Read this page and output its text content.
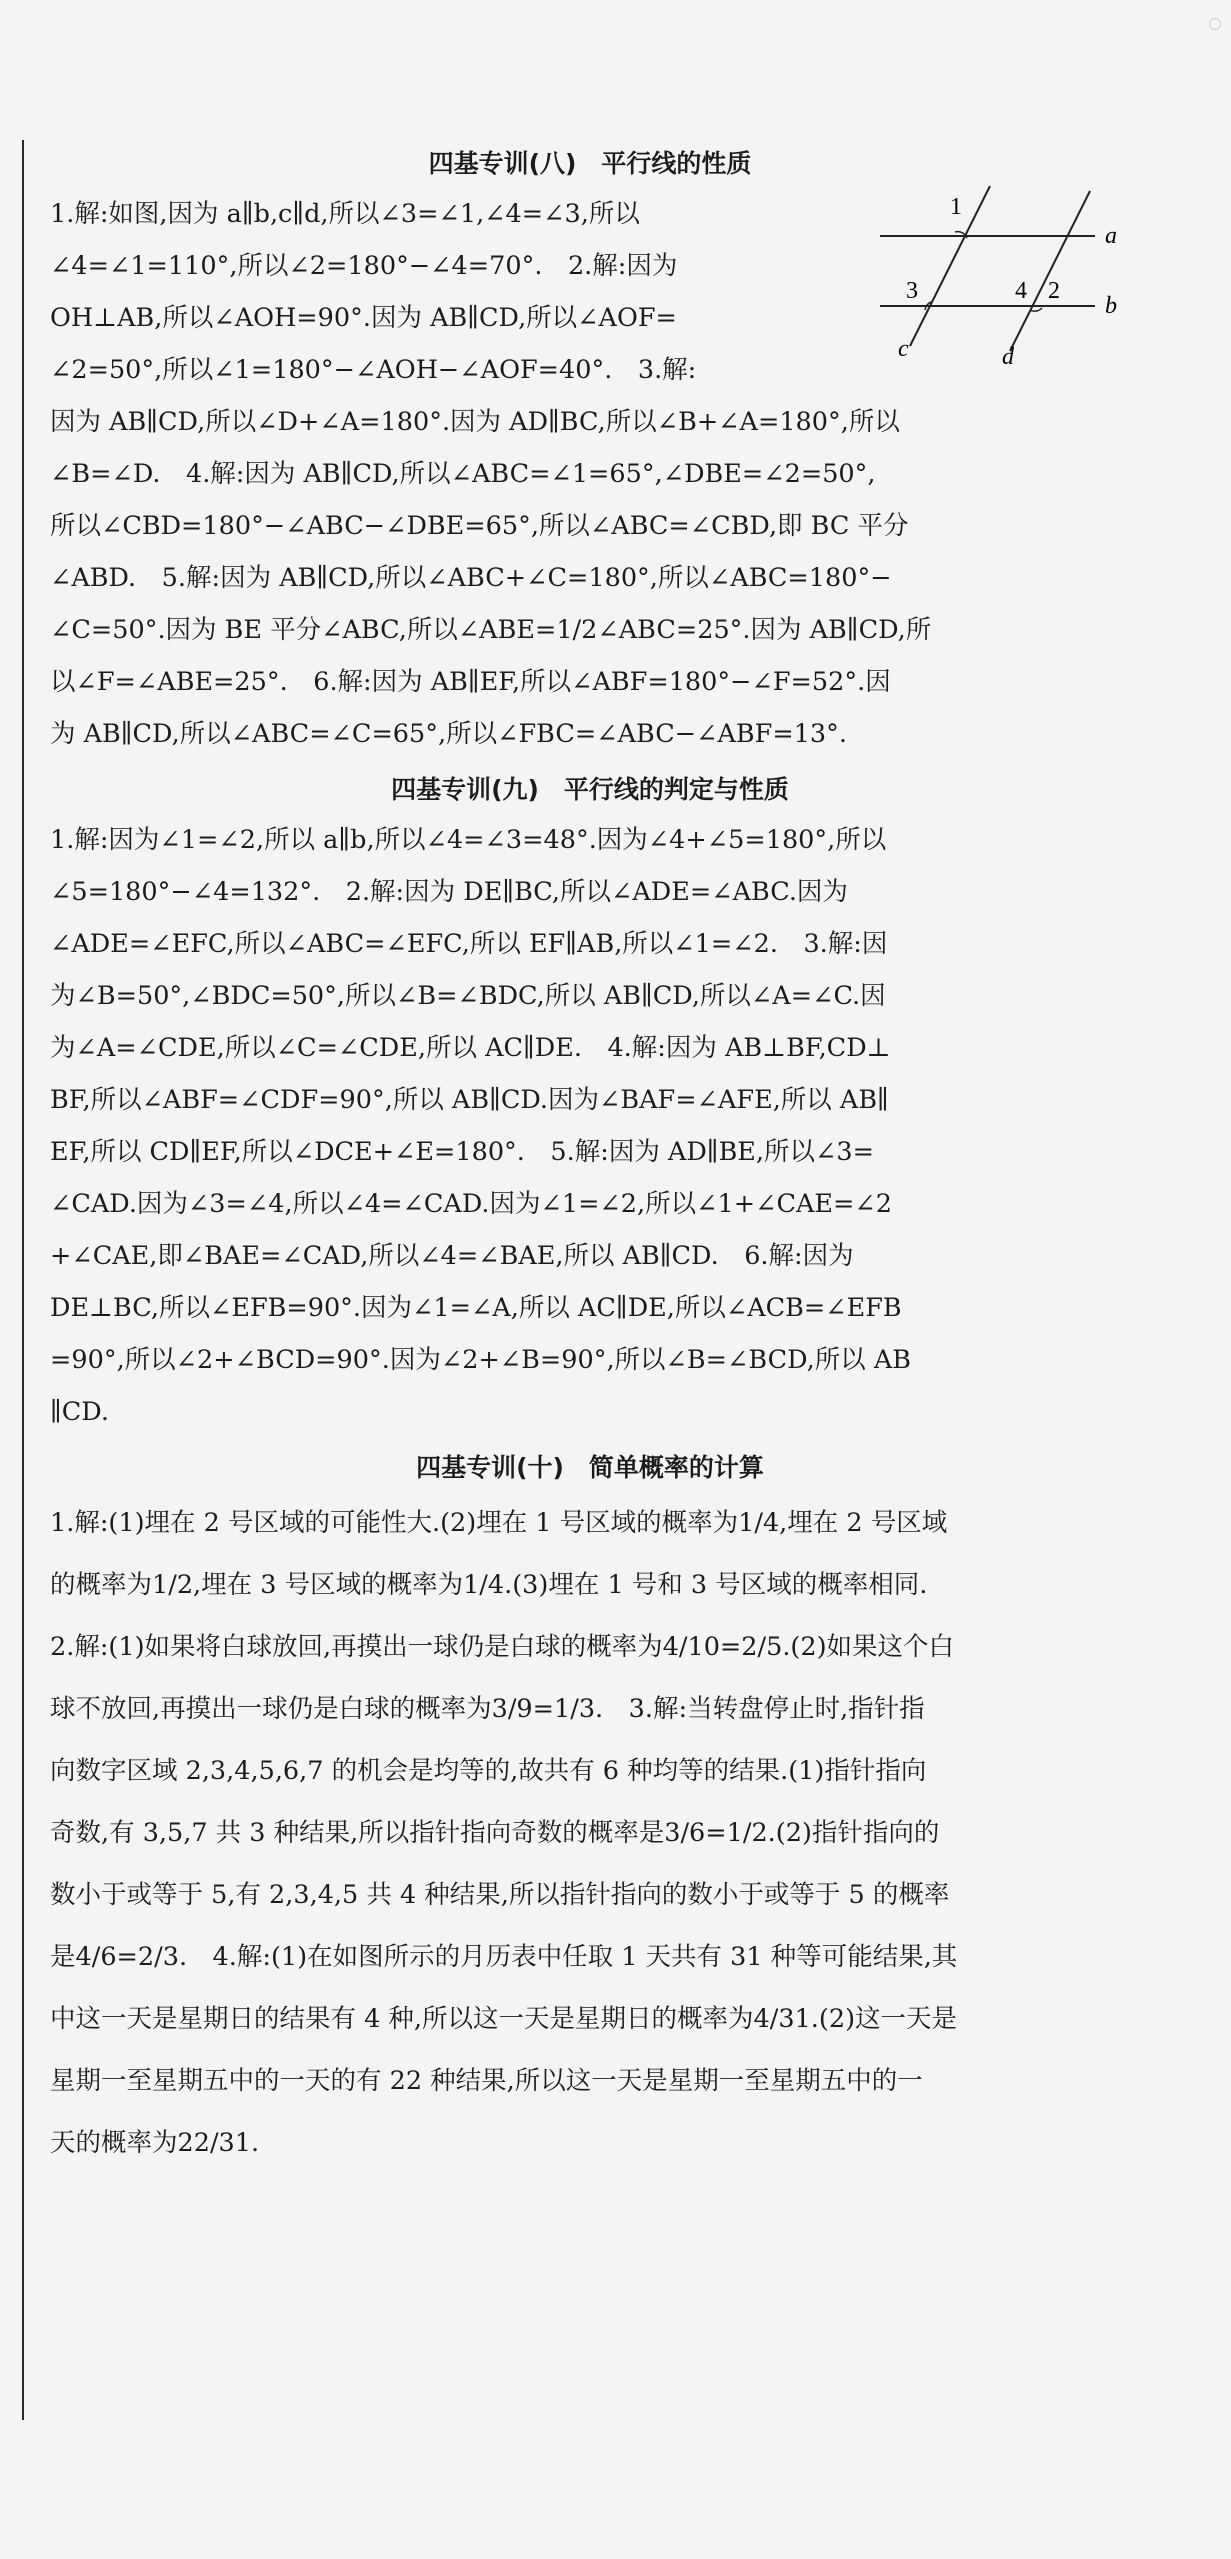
四基专训(八)　平行线的性质

1
a
3	4 2
b
c	d
1.解:如图,因为 a∥b,c∥d,所以∠3=∠1,∠4=∠3,所以
∠4=∠1=110°,所以∠2=180°−∠4=70°.　2.解:因为
OH⊥AB,所以∠AOH=90°.因为 AB∥CD,所以∠AOF=
∠2=50°,所以∠1=180°−∠AOH−∠AOF=40°.　3.解:
因为 AB∥CD,所以∠D+∠A=180°.因为 AD∥BC,所以∠B+∠A=180°,所以
∠B=∠D.　4.解:因为 AB∥CD,所以∠ABC=∠1=65°,∠DBE=∠2=50°,
所以∠CBD=180°−∠ABC−∠DBE=65°,所以∠ABC=∠CBD,即 BC 平分
∠ABD.　5.解:因为 AB∥CD,所以∠ABC+∠C=180°,所以∠ABC=180°−
∠C=50°.因为 BE 平分∠ABC,所以∠ABE=1/2∠ABC=25°.因为 AB∥CD,所
以∠F=∠ABE=25°.　6.解:因为 AB∥EF,所以∠ABF=180°−∠F=52°.因
为 AB∥CD,所以∠ABC=∠C=65°,所以∠FBC=∠ABC−∠ABF=13°.

四基专训(九)　平行线的判定与性质

1.解:因为∠1=∠2,所以 a∥b,所以∠4=∠3=48°.因为∠4+∠5=180°,所以
∠5=180°−∠4=132°.　2.解:因为 DE∥BC,所以∠ADE=∠ABC.因为
∠ADE=∠EFC,所以∠ABC=∠EFC,所以 EF∥AB,所以∠1=∠2.　3.解:因
为∠B=50°,∠BDC=50°,所以∠B=∠BDC,所以 AB∥CD,所以∠A=∠C.因
为∠A=∠CDE,所以∠C=∠CDE,所以 AC∥DE.　4.解:因为 AB⊥BF,CD⊥
BF,所以∠ABF=∠CDF=90°,所以 AB∥CD.因为∠BAF=∠AFE,所以 AB∥
EF,所以 CD∥EF,所以∠DCE+∠E=180°.　5.解:因为 AD∥BE,所以∠3=
∠CAD.因为∠3=∠4,所以∠4=∠CAD.因为∠1=∠2,所以∠1+∠CAE=∠2
+∠CAE,即∠BAE=∠CAD,所以∠4=∠BAE,所以 AB∥CD.　6.解:因为
DE⊥BC,所以∠EFB=90°.因为∠1=∠A,所以 AC∥DE,所以∠ACB=∠EFB
=90°,所以∠2+∠BCD=90°.因为∠2+∠B=90°,所以∠B=∠BCD,所以 AB
∥CD.

四基专训(十)　简单概率的计算

1.解:(1)埋在 2 号区域的可能性大.(2)埋在 1 号区域的概率为1/4,埋在 2 号区域
的概率为1/2,埋在 3 号区域的概率为1/4.(3)埋在 1 号和 3 号区域的概率相同.
2.解:(1)如果将白球放回,再摸出一球仍是白球的概率为4/10=2/5.(2)如果这个白
球不放回,再摸出一球仍是白球的概率为3/9=1/3.　3.解:当转盘停止时,指针指
向数字区域 2,3,4,5,6,7 的机会是均等的,故共有 6 种均等的结果.(1)指针指向
奇数,有 3,5,7 共 3 种结果,所以指针指向奇数的概率是3/6=1/2.(2)指针指向的
数小于或等于 5,有 2,3,4,5 共 4 种结果,所以指针指向的数小于或等于 5 的概率
是4/6=2/3.　4.解:(1)在如图所示的月历表中任取 1 天共有 31 种等可能结果,其
中这一天是星期日的结果有 4 种,所以这一天是星期日的概率为4/31.(2)这一天是
星期一至星期五中的一天的有 22 种结果,所以这一天是星期一至星期五中的一
天的概率为22/31.
